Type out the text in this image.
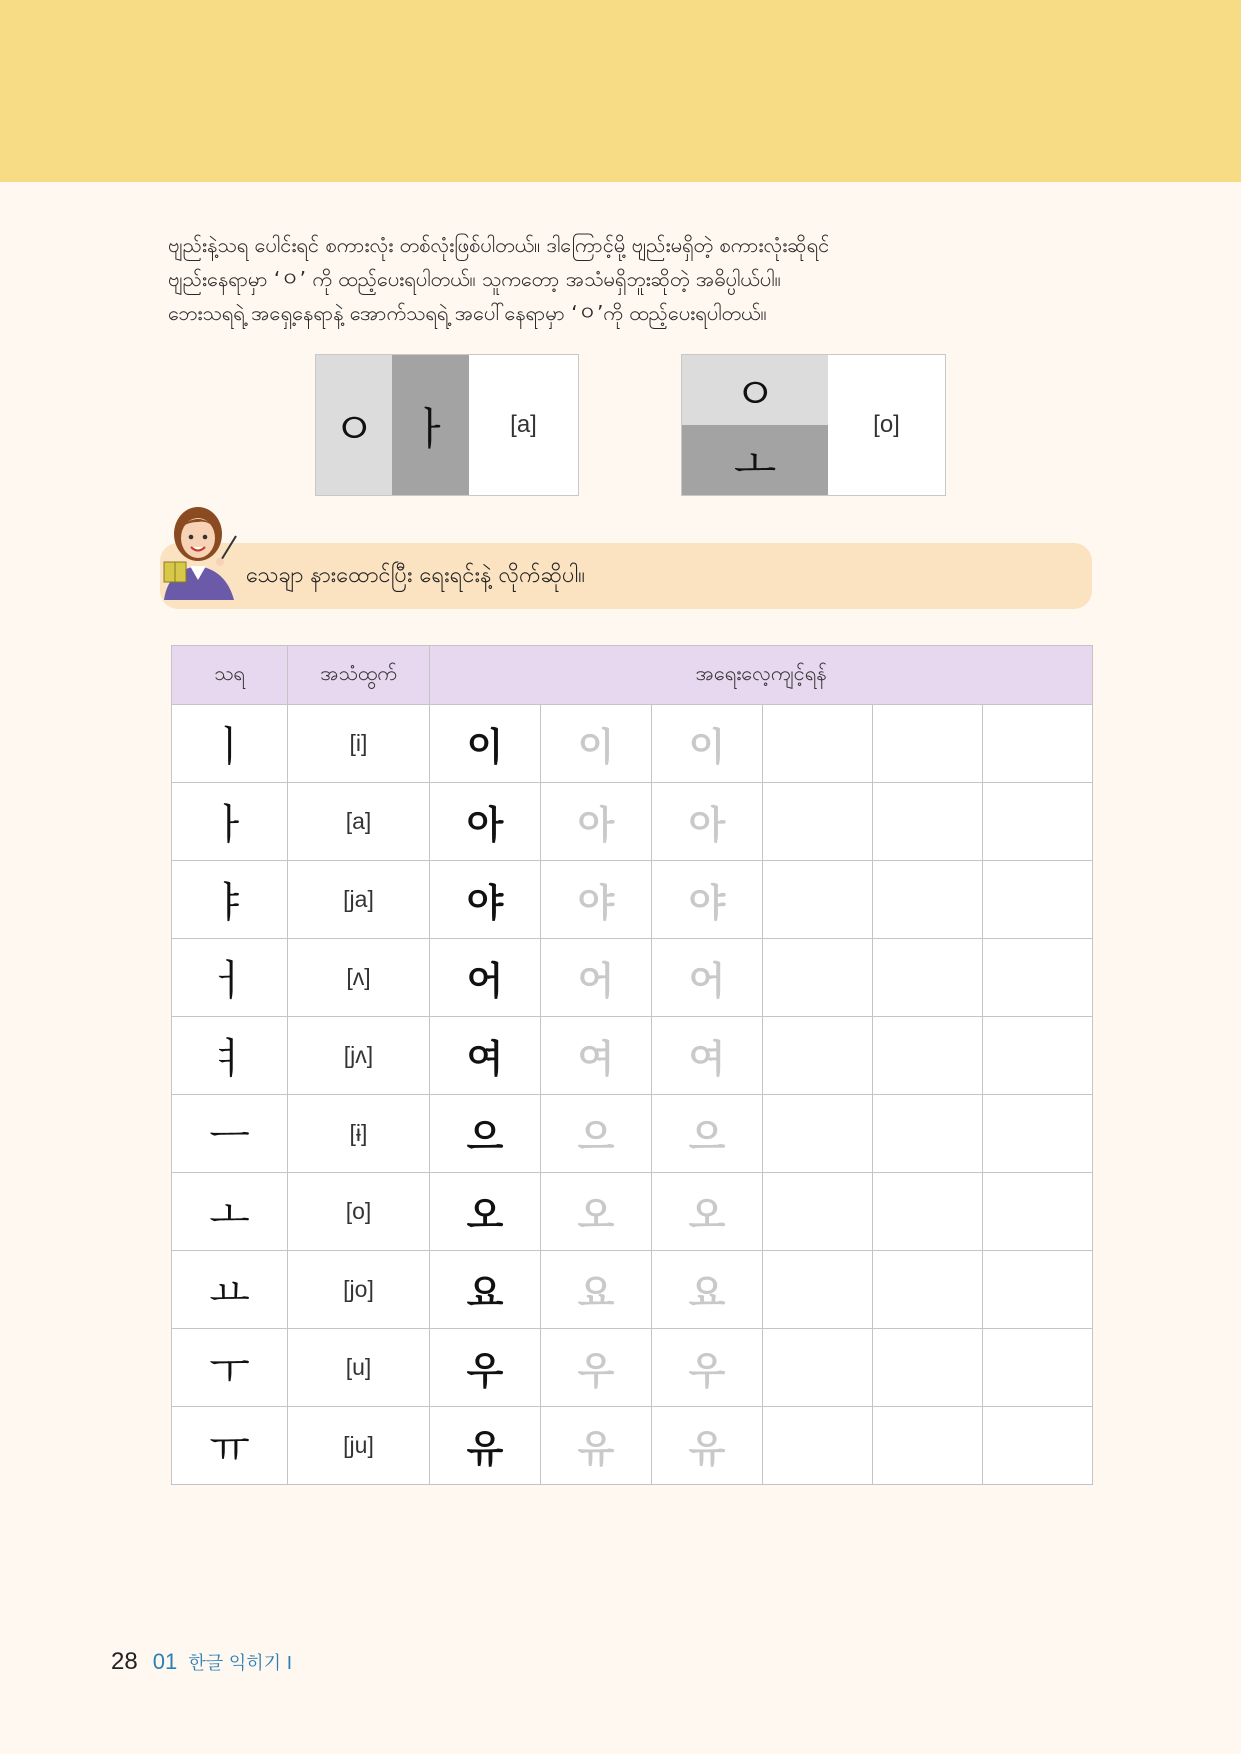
ဗျည်းနဲ့သရ ပေါင်းရင် စကားလုံး တစ်လုံးဖြစ်ပါတယ်။ ဒါကြောင့်မို့ ဗျည်းမရှိတဲ့ စကားလုံးဆိုရင်
ဗျည်းနေရာမှာ ‘ㅇ’ ကို ထည့်ပေးရပါတယ်။ သူကတော့ အသံမရှိဘူးဆိုတဲ့ အဓိပ္ပါယ်ပါ။
ဘေးသရရဲ့ အရှေ့နေရာနဲ့ အောက်သရရဲ့ အပေါ်နေရာမှာ ‘ㅇ’ကို ထည့်ပေးရပါတယ်။
ㅇ ㅏ	[a]
ㅇ
ㅗ
[o]
သေချာ နားထောင်ပြီး ရေးရင်းနဲ့ လိုက်ဆိုပါ။
သရ	အသံထွက်	အရေးလေ့ကျင့်ရန်					
ㅣ	[i]	이	이	이			
ㅏ	[a]	아	아	아			
ㅑ	[ja]	야	야	야			
ㅓ	[ʌ]	어	어	어			
ㅕ	[jʌ]	여	여	여			
ㅡ	[ɨ]	으	으	으			
ㅗ	[o]	오	오	오			
ㅛ	[jo]	요	요	요			
ㅜ	[u]	우	우	우			
ㅠ	[ju]	유	유	유			
28 01 한글 익히기 Ⅰ
